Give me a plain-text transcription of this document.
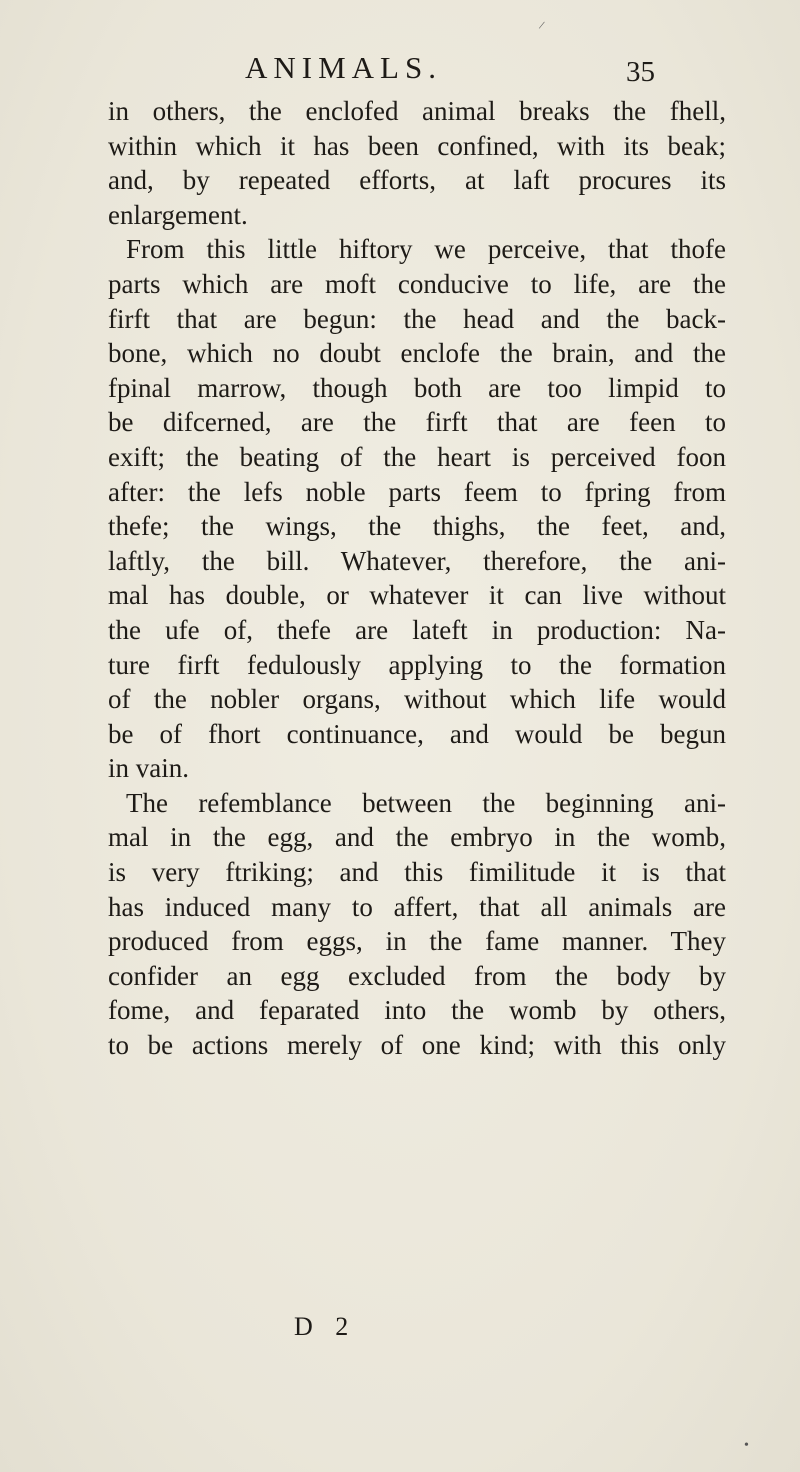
/
ANIMALS.	35
in others, the enclofed animal breaks the fhell,
within which it has been confined, with its beak;
and, by repeated efforts, at laft procures its
enlargement.
From this little hiftory we perceive, that thofe
parts which are moft conducive to life, are the
firft that are begun: the head and the back-
bone, which no doubt enclofe the brain, and the
fpinal marrow, though both are too limpid to
be difcerned, are the firft that are feen to
exift; the beating of the heart is perceived foon
after: the lefs noble parts feem to fpring from
thefe; the wings, the thighs, the feet, and,
laftly, the bill. Whatever, therefore, the ani-
mal has double, or whatever it can live without
the ufe of, thefe are lateft in production: Na-
ture firft fedulously applying to the formation
of the nobler organs, without which life would
be of fhort continuance, and would be begun
in vain.
The refemblance between the beginning ani-
mal in the egg, and the embryo in the womb,
is very ftriking; and this fimilitude it is that
has induced many to affert, that all animals are
produced from eggs, in the fame manner. They
confider an egg excluded from the body by
fome, and feparated into the womb by others,
to be actions merely of one kind; with this only
D 2
•
